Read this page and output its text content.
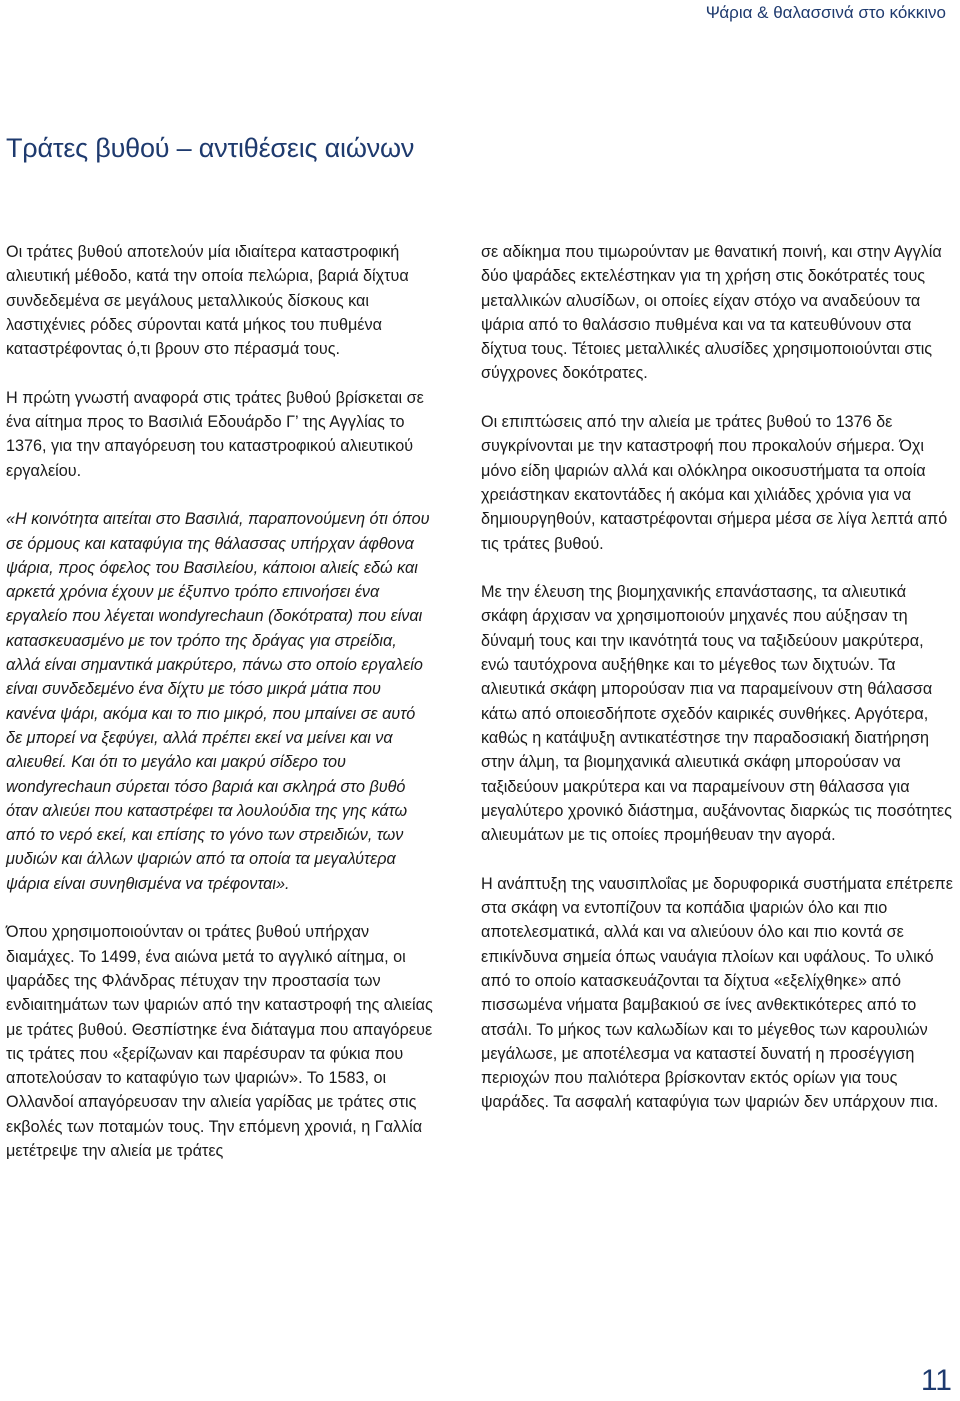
Ψάρια & θαλασσινά στο κόκκινο
Τράτες βυθού – αντιθέσεις αιώνων

Οι τράτες βυθού αποτελούν μία ιδιαίτερα καταστροφική αλιευτική μέθοδο, κατά την οποία πελώρια, βαριά δίχτυα συνδεδεμένα σε μεγάλους μεταλλικούς δίσκους και λαστιχένιες ρόδες σύρονται κατά μήκος του πυθμένα καταστρέφοντας ό,τι βρουν στο πέρασμά τους.

Η πρώτη γνωστή αναφορά στις τράτες βυθού βρίσκεται σε ένα αίτημα προς το Βασιλιά Εδουάρδο Γ’ της Αγγλίας το 1376, για την απαγόρευση του καταστροφικού αλιευτικού εργαλείου.

«Η κοινότητα αιτείται στο Βασιλιά, παραπονούμενη ότι όπου σε όρμους και καταφύγια της θάλασσας υπήρχαν άφθονα ψάρια, προς όφελος του Βασιλείου, κάποιοι αλιείς εδώ και αρκετά χρόνια έχουν με έξυπνο τρόπο επινοήσει ένα εργαλείο που λέγεται wondyrechaun (δοκότρατα) που είναι κατασκευασμένο με τον τρόπο της δράγας για στρείδια, αλλά είναι σημαντικά μακρύτερο, πάνω στο οποίο εργαλείο είναι συνδεδεμένο ένα δίχτυ με τόσο μικρά μάτια που κανένα ψάρι, ακόμα και το πιο μικρό, που μπαίνει σε αυτό δε μπορεί να ξεφύγει, αλλά πρέπει εκεί να μείνει και να αλιευθεί. Και ότι το μεγάλο και μακρύ σίδερο του wondyrechaun σύρεται τόσο βαριά και σκληρά στο βυθό όταν αλιεύει που καταστρέφει τα λουλούδια της γης κάτω από το νερό εκεί, και επίσης το γόνο των στρειδιών, των μυδιών και άλλων ψαριών από τα οποία τα μεγαλύτερα ψάρια είναι συνηθισμένα να τρέφονται».

Όπου χρησιμοποιούνταν οι τράτες βυθού υπήρχαν διαμάχες. Το 1499, ένα αιώνα μετά το αγγλικό αίτημα, οι ψαράδες της Φλάνδρας πέτυχαν την προστασία των ενδιαιτημάτων των ψαριών από την καταστροφή της αλιείας με τράτες βυθού. Θεσπίστηκε ένα διάταγμα που απαγόρευε τις τράτες που «ξερίζωναν και παρέσυραν τα φύκια που αποτελούσαν το καταφύγιο των ψαριών». Το 1583, οι Ολλανδοί απαγόρευσαν την αλιεία γαρίδας με τράτες στις εκβολές των ποταμών τους. Την επόμενη χρονιά, η Γαλλία μετέτρεψε την αλιεία με τράτες

σε αδίκημα που τιμωρούνταν με θανατική ποινή, και στην Αγγλία δύο ψαράδες εκτελέστηκαν για τη χρήση στις δοκότρατές τους μεταλλικών αλυσίδων, οι οποίες είχαν στόχο να αναδεύουν τα ψάρια από το θαλάσσιο πυθμένα και να τα κατευθύνουν στα δίχτυα τους. Τέτοιες μεταλλικές αλυσίδες χρησιμοποιούνται στις σύγχρονες δοκότρατες.

Οι επιπτώσεις από την αλιεία με τράτες βυθού το 1376 δε συγκρίνονται με την καταστροφή που προκαλούν σήμερα. Όχι μόνο είδη ψαριών αλλά και ολόκληρα οικοσυστήματα τα οποία χρειάστηκαν εκατοντάδες ή ακόμα και χιλιάδες χρόνια για να δημιουργηθούν, καταστρέφονται σήμερα μέσα σε λίγα λεπτά από τις τράτες βυθού.

Με την έλευση της βιομηχανικής επανάστασης, τα αλιευτικά σκάφη άρχισαν να χρησιμοποιούν μηχανές που αύξησαν τη δύναμή τους και την ικανότητά τους να ταξιδεύουν μακρύτερα, ενώ ταυτόχρονα αυξήθηκε και το μέγεθος των διχτυών. Τα αλιευτικά σκάφη μπορούσαν πια να παραμείνουν στη θάλασσα κάτω από οποιεσδήποτε σχεδόν καιρικές συνθήκες. Αργότερα, καθώς η κατάψυξη αντικατέστησε την παραδοσιακή διατήρηση στην άλμη, τα βιομηχανικά αλιευτικά σκάφη μπορούσαν να ταξιδεύουν μακρύτερα και να παραμείνουν στη θάλασσα για μεγαλύτερο χρονικό διάστημα, αυξάνοντας διαρκώς τις ποσότητες αλιευμάτων με τις οποίες προμήθευαν την αγορά.

Η ανάπτυξη της ναυσιπλοΐας με δορυφορικά συστήματα επέτρεπε στα σκάφη να εντοπίζουν τα κοπάδια ψαριών όλο και πιο αποτελεσματικά, αλλά και να αλιεύουν όλο και πιο κοντά σε επικίνδυνα σημεία όπως ναυάγια πλοίων και υφάλους. Το υλικό από το οποίο κατασκευάζονται τα δίχτυα «εξελίχθηκε» από πισσωμένα νήματα βαμβακιού σε ίνες ανθεκτικότερες από το ατσάλι. Το μήκος των καλωδίων και το μέγεθος των καρουλιών μεγάλωσε, με αποτέλεσμα να καταστεί δυνατή η προσέγγιση περιοχών που παλιότερα βρίσκονταν εκτός ορίων για τους ψαράδες. Τα ασφαλή καταφύγια των ψαριών δεν υπάρχουν πια.

11
